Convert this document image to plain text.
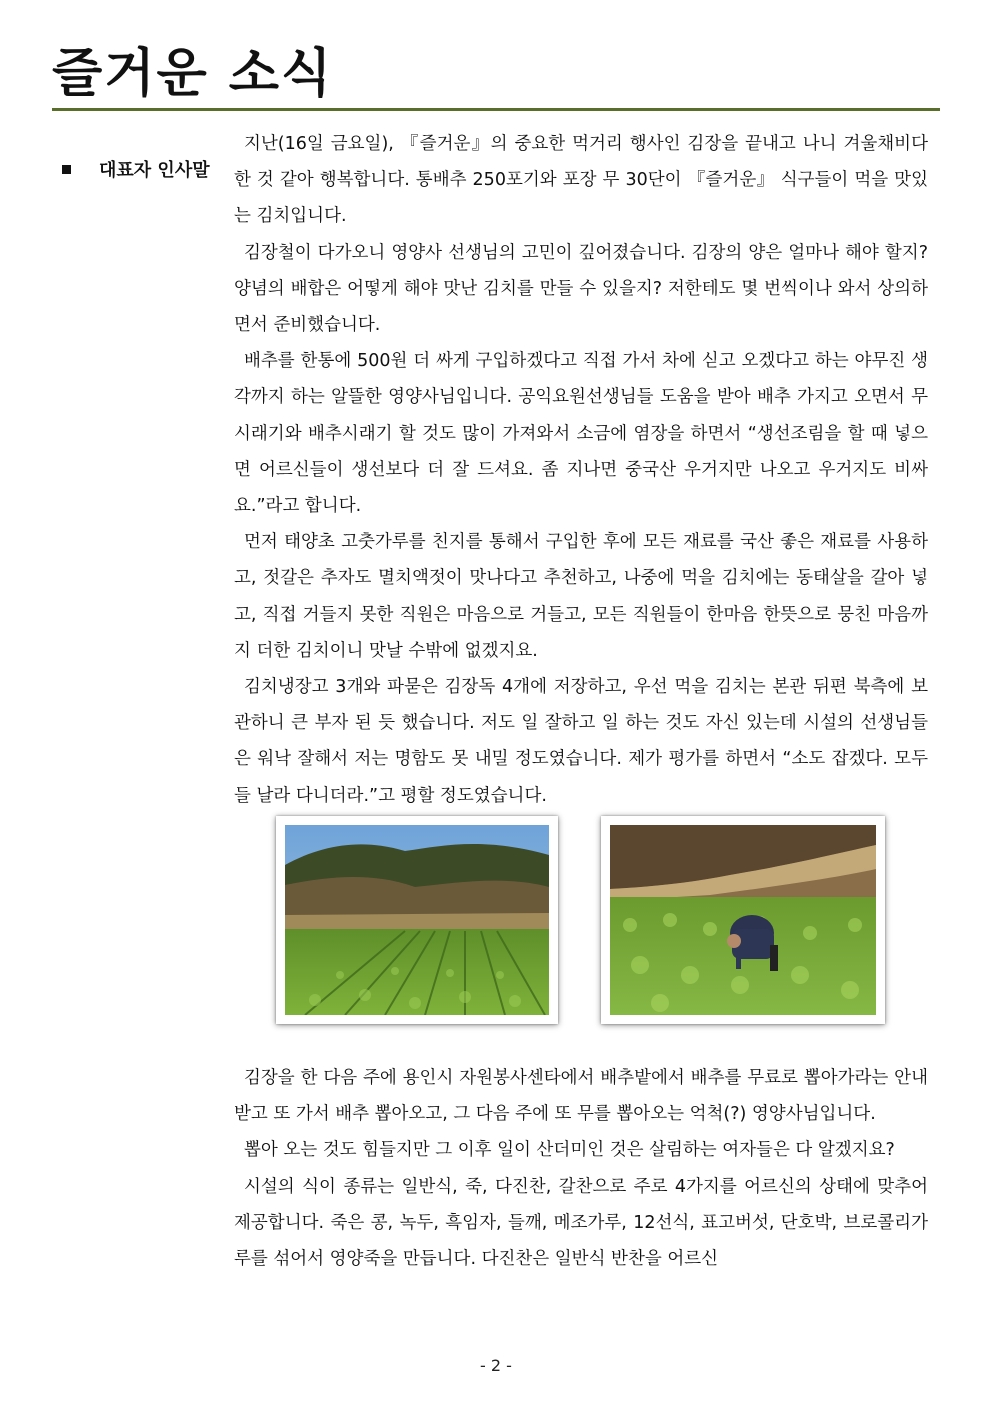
즐거운 소식
대표자 인사말

지난(16일 금요일), 『즐거운』의 중요한 먹거리 행사인 김장을 끝내고 나니 겨울채비다 한 것 같아 행복합니다. 통배추 250포기와 포장 무 30단이 『즐거운』 식구들이 먹을 맛있는 김치입니다.

김장철이 다가오니 영양사 선생님의 고민이 깊어졌습니다. 김장의 양은 얼마나 해야 할지? 양념의 배합은 어떻게 해야 맛난 김치를 만들 수 있을지? 저한테도 몇 번씩이나 와서 상의하면서 준비했습니다.

배추를 한통에 500원 더 싸게 구입하겠다고 직접 가서 차에 싣고 오겠다고 하는 야무진 생각까지 하는 알뜰한 영양사님입니다. 공익요원선생님들 도움을 받아 배추 가지고 오면서 무시래기와 배추시래기 할 것도 많이 가져와서 소금에 염장을 하면서 “생선조림을 할 때 넣으면 어르신들이 생선보다 더 잘 드셔요. 좀 지나면 중국산 우거지만 나오고 우거지도 비싸요.”라고 합니다.

먼저 태양초 고춧가루를 친지를 통해서 구입한 후에 모든 재료를 국산 좋은 재료를 사용하고, 젓갈은 추자도 멸치액젓이 맛나다고 추천하고, 나중에 먹을 김치에는 동태살을 갈아 넣고, 직접 거들지 못한 직원은 마음으로 거들고, 모든 직원들이 한마음 한뜻으로 뭉친 마음까지 더한 김치이니 맛날 수밖에 없겠지요.

김치냉장고 3개와 파묻은 김장독 4개에 저장하고, 우선 먹을 김치는 본관 뒤편 북측에 보관하니 큰 부자 된 듯 했습니다. 저도 일 잘하고 일 하는 것도 자신 있는데 시설의 선생님들은 워낙 잘해서 저는 명함도 못 내밀 정도였습니다. 제가 평가를 하면서 “소도 잡겠다. 모두들 날라 다니더라.”고 평할 정도였습니다.

김장을 한 다음 주에 용인시 자원봉사센타에서 배추밭에서 배추를 무료로 뽑아가라는 안내 받고 또 가서 배추 뽑아오고, 그 다음 주에 또 무를 뽑아오는 억척(?) 영양사님입니다.

뽑아 오는 것도 힘들지만 그 이후 일이 산더미인 것은 살림하는 여자들은 다 알겠지요?

시설의 식이 종류는 일반식, 죽, 다진찬, 갈찬으로 주로 4가지를 어르신의 상태에 맞추어 제공합니다. 죽은 콩, 녹두, 흑임자, 들깨, 메조가루, 12선식, 표고버섯, 단호박, 브로콜리가루를 섞어서 영양죽을 만듭니다. 다진찬은 일반식 반찬을 어르신

- 2 -
